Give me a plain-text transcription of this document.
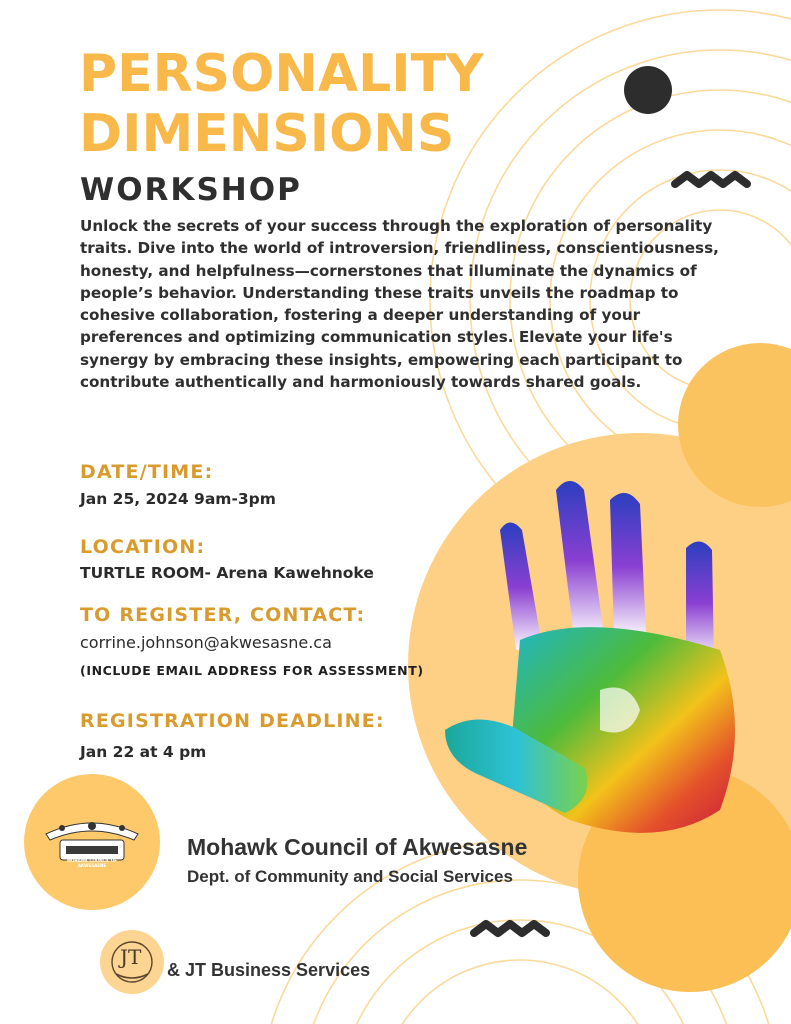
PERSONALITY
DIMENSIONS
WORKSHOP

Unlock the secrets of your success through the exploration of personality traits. Dive into the world of introversion, friendliness, conscientiousness, honesty, and helpfulness—cornerstones that illuminate the dynamics of people’s behavior. Understanding these traits unveils the roadmap to cohesive collaboration, fostering a deeper understanding of your preferences and optimizing communication styles. Elevate your life's synergy by embracing these insights, empowering each participant to contribute authentically and harmoniously towards shared goals.

DATE/TIME:
Jan 25, 2024 9am-3pm
LOCATION:
TURTLE ROOM- Arena Kawehnoke
TO REGISTER, CONTACT:
corrine.johnson@akwesasne.ca
(INCLUDE EMAIL ADDRESS FOR ASSESSMENT)
REGISTRATION DEADLINE:
Jan 22 at 4 pm
Mohawk Council of Akwesasne
Dept. of Community and Social Services
MOHAWK COUNCIL OF AKWESASNE
JT
& JT Business Services
